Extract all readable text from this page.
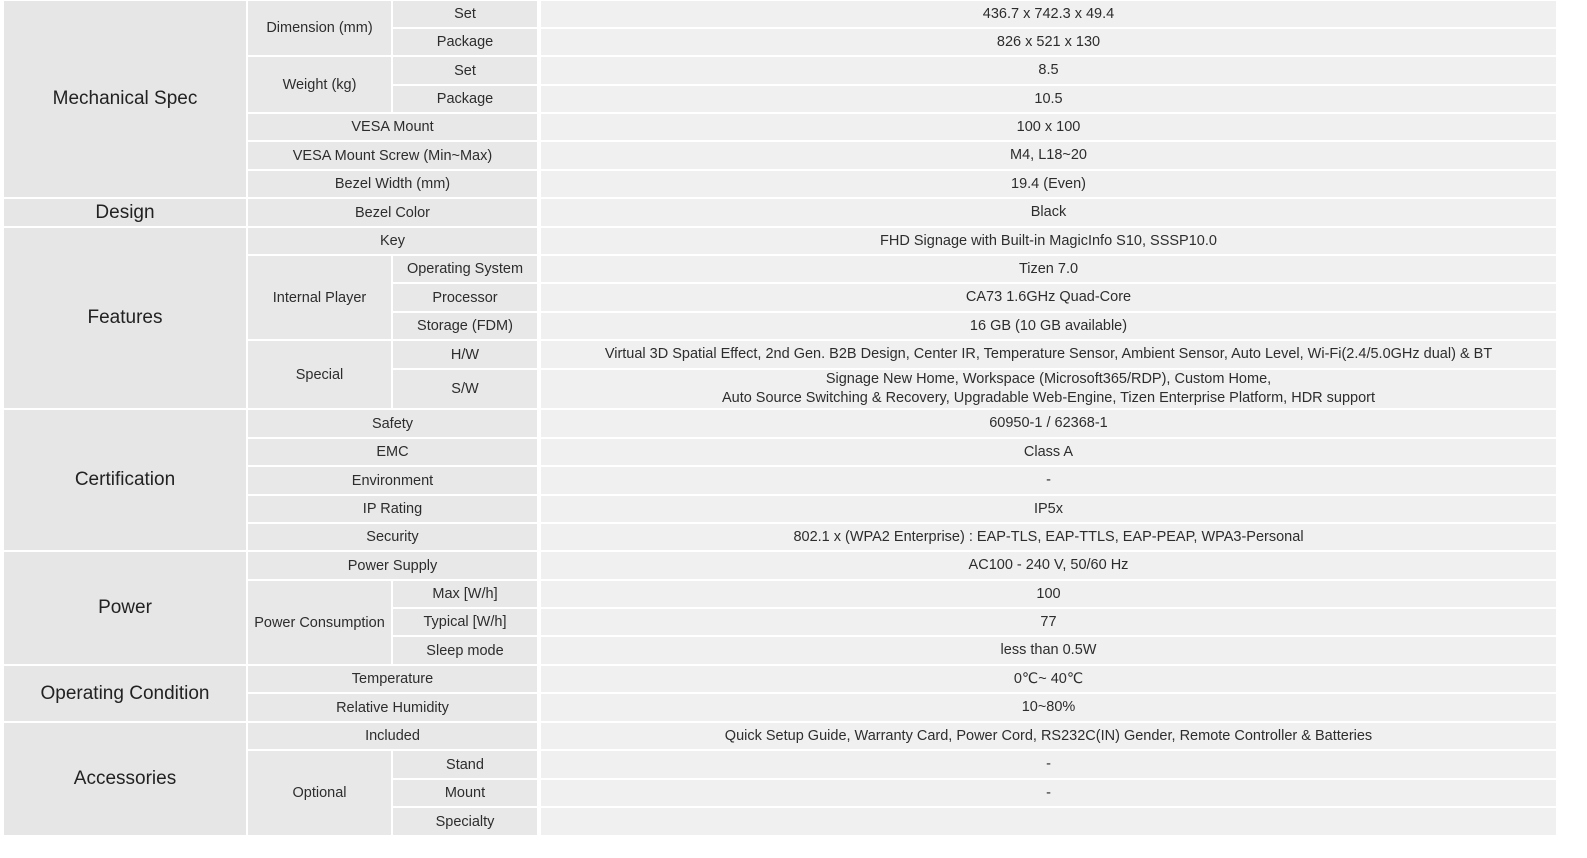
Mechanical Spec	Dimension (mm)	Set		436.7 x 742.3 x 49.4
		Package		826 x 521 x 130
	Weight (kg)	Set		8.5
		Package		10.5
	VESA Mount			100 x 100
	VESA Mount Screw (Min~Max)			M4, L18~20
	Bezel Width (mm)			19.4 (Even)
Design	Bezel Color			Black
Features	Key			FHD Signage with Built-in MagicInfo S10, SSSP10.0
	Internal Player	Operating System		Tizen 7.0
		Processor		CA73 1.6GHz Quad-Core
		Storage (FDM)		16 GB (10 GB available)
	Special	H/W		Virtual 3D Spatial Effect, 2nd Gen. B2B Design, Center IR, Temperature Sensor, Ambient Sensor, Auto Level, Wi-Fi(2.4/5.0GHz dual) & BT
		S/W		Signage New Home, Workspace (Microsoft365/RDP), Custom Home,
Auto Source Switching & Recovery, Upgradable Web-Engine, Tizen Enterprise Platform, HDR support

Certification	Safety			60950-1 / 62368-1
	EMC			Class A
	Environment			-
	IP Rating			IP5x
	Security			802.1 x (WPA2 Enterprise) : EAP-TLS, EAP-TTLS, EAP-PEAP, WPA3-Personal
Power	Power Supply			AC100 - 240 V, 50/60 Hz
	Power Consumption	Max [W/h]		100
		Typical [W/h]		77
		Sleep mode		less than 0.5W
Operating Condition	Temperature			0℃~ 40℃
	Relative Humidity			10~80%
Accessories	Included			Quick Setup Guide, Warranty Card, Power Cord, RS232C(IN) Gender, Remote Controller & Batteries
	Optional	Stand		-
		Mount		-
		Specialty		
